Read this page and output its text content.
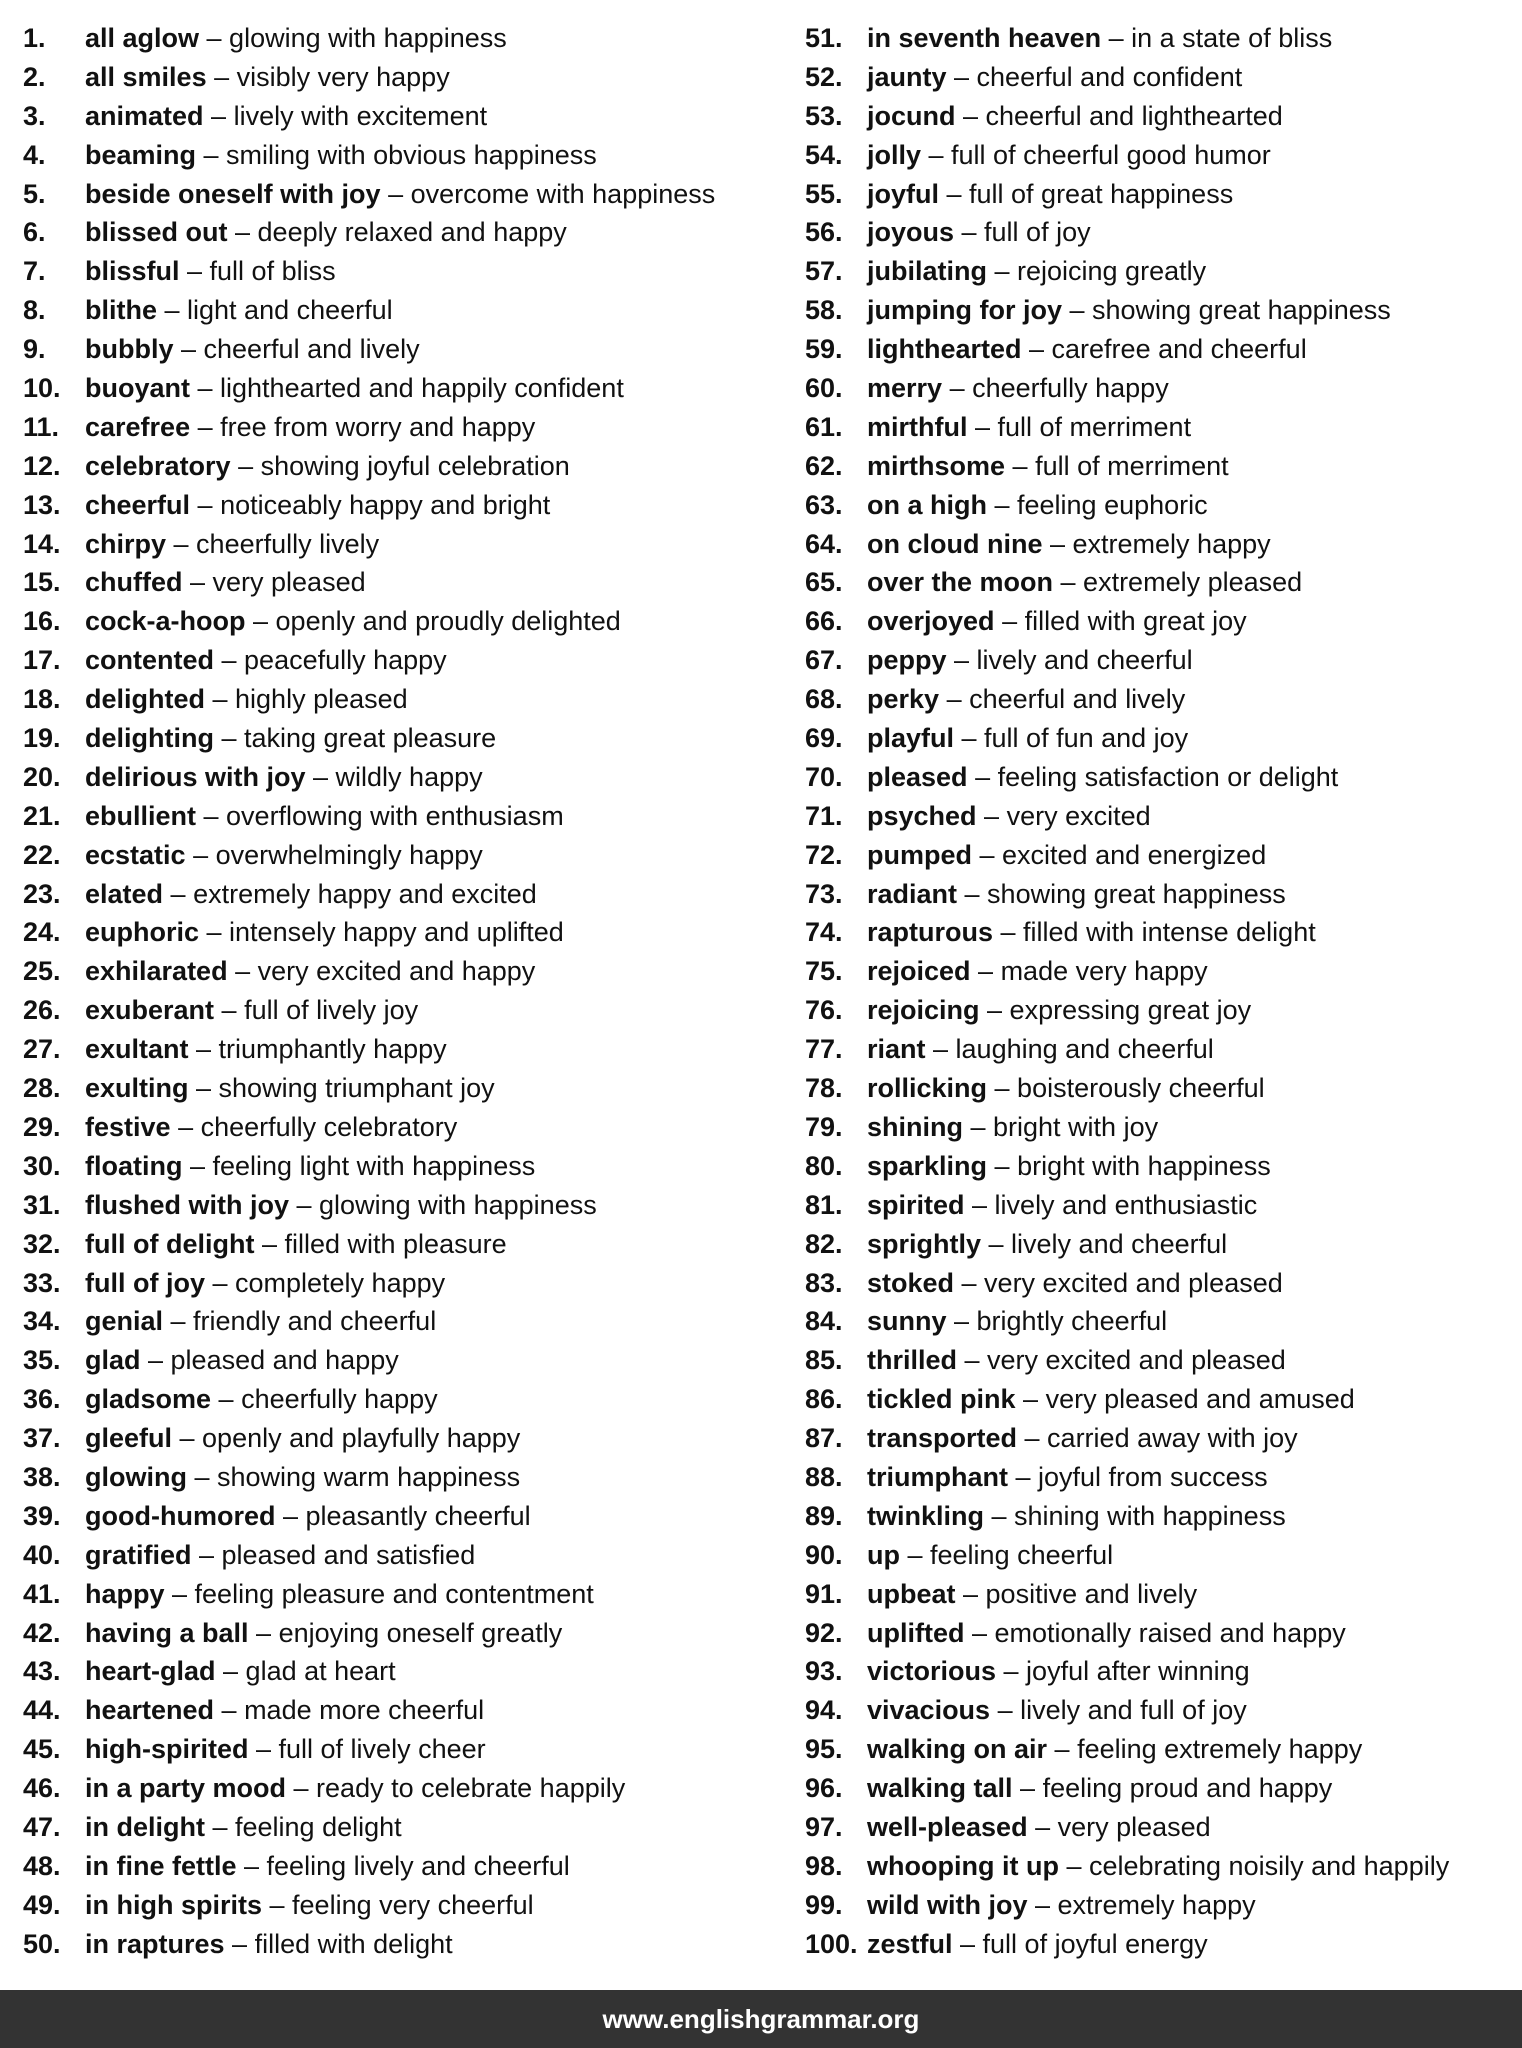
1. all aglow – glowing with happiness
2. all smiles – visibly very happy
3. animated – lively with excitement
4. beaming – smiling with obvious happiness
5. beside oneself with joy – overcome with happiness
6. blissed out – deeply relaxed and happy
7. blissful – full of bliss
8. blithe – light and cheerful
9. bubbly – cheerful and lively
10. buoyant – lighthearted and happily confident
11. carefree – free from worry and happy
12. celebratory – showing joyful celebration
13. cheerful – noticeably happy and bright
14. chirpy – cheerfully lively
15. chuffed – very pleased
16. cock-a-hoop – openly and proudly delighted
17. contented – peacefully happy
18. delighted – highly pleased
19. delighting – taking great pleasure
20. delirious with joy – wildly happy
21. ebullient – overflowing with enthusiasm
22. ecstatic – overwhelmingly happy
23. elated – extremely happy and excited
24. euphoric – intensely happy and uplifted
25. exhilarated – very excited and happy
26. exuberant – full of lively joy
27. exultant – triumphantly happy
28. exulting – showing triumphant joy
29. festive – cheerfully celebratory
30. floating – feeling light with happiness
31. flushed with joy – glowing with happiness
32. full of delight – filled with pleasure
33. full of joy – completely happy
34. genial – friendly and cheerful
35. glad – pleased and happy
36. gladsome – cheerfully happy
37. gleeful – openly and playfully happy
38. glowing – showing warm happiness
39. good-humored – pleasantly cheerful
40. gratified – pleased and satisfied
41. happy – feeling pleasure and contentment
42. having a ball – enjoying oneself greatly
43. heart-glad – glad at heart
44. heartened – made more cheerful
45. high-spirited – full of lively cheer
46. in a party mood – ready to celebrate happily
47. in delight – feeling delight
48. in fine fettle – feeling lively and cheerful
49. in high spirits – feeling very cheerful
50. in raptures – filled with delight
51. in seventh heaven – in a state of bliss
52. jaunty – cheerful and confident
53. jocund – cheerful and lighthearted
54. jolly – full of cheerful good humor
55. joyful – full of great happiness
56. joyous – full of joy
57. jubilating – rejoicing greatly
58. jumping for joy – showing great happiness
59. lighthearted – carefree and cheerful
60. merry – cheerfully happy
61. mirthful – full of merriment
62. mirthsome – full of merriment
63. on a high – feeling euphoric
64. on cloud nine – extremely happy
65. over the moon – extremely pleased
66. overjoyed – filled with great joy
67. peppy – lively and cheerful
68. perky – cheerful and lively
69. playful – full of fun and joy
70. pleased – feeling satisfaction or delight
71. psyched – very excited
72. pumped – excited and energized
73. radiant – showing great happiness
74. rapturous – filled with intense delight
75. rejoiced – made very happy
76. rejoicing – expressing great joy
77. riant – laughing and cheerful
78. rollicking – boisterously cheerful
79. shining – bright with joy
80. sparkling – bright with happiness
81. spirited – lively and enthusiastic
82. sprightly – lively and cheerful
83. stoked – very excited and pleased
84. sunny – brightly cheerful
85. thrilled – very excited and pleased
86. tickled pink – very pleased and amused
87. transported – carried away with joy
88. triumphant – joyful from success
89. twinkling – shining with happiness
90. up – feeling cheerful
91. upbeat – positive and lively
92. uplifted – emotionally raised and happy
93. victorious – joyful after winning
94. vivacious – lively and full of joy
95. walking on air – feeling extremely happy
96. walking tall – feeling proud and happy
97. well-pleased – very pleased
98. whooping it up – celebrating noisily and happily
99. wild with joy – extremely happy
100. zestful – full of joyful energy
www.englishgrammar.org
